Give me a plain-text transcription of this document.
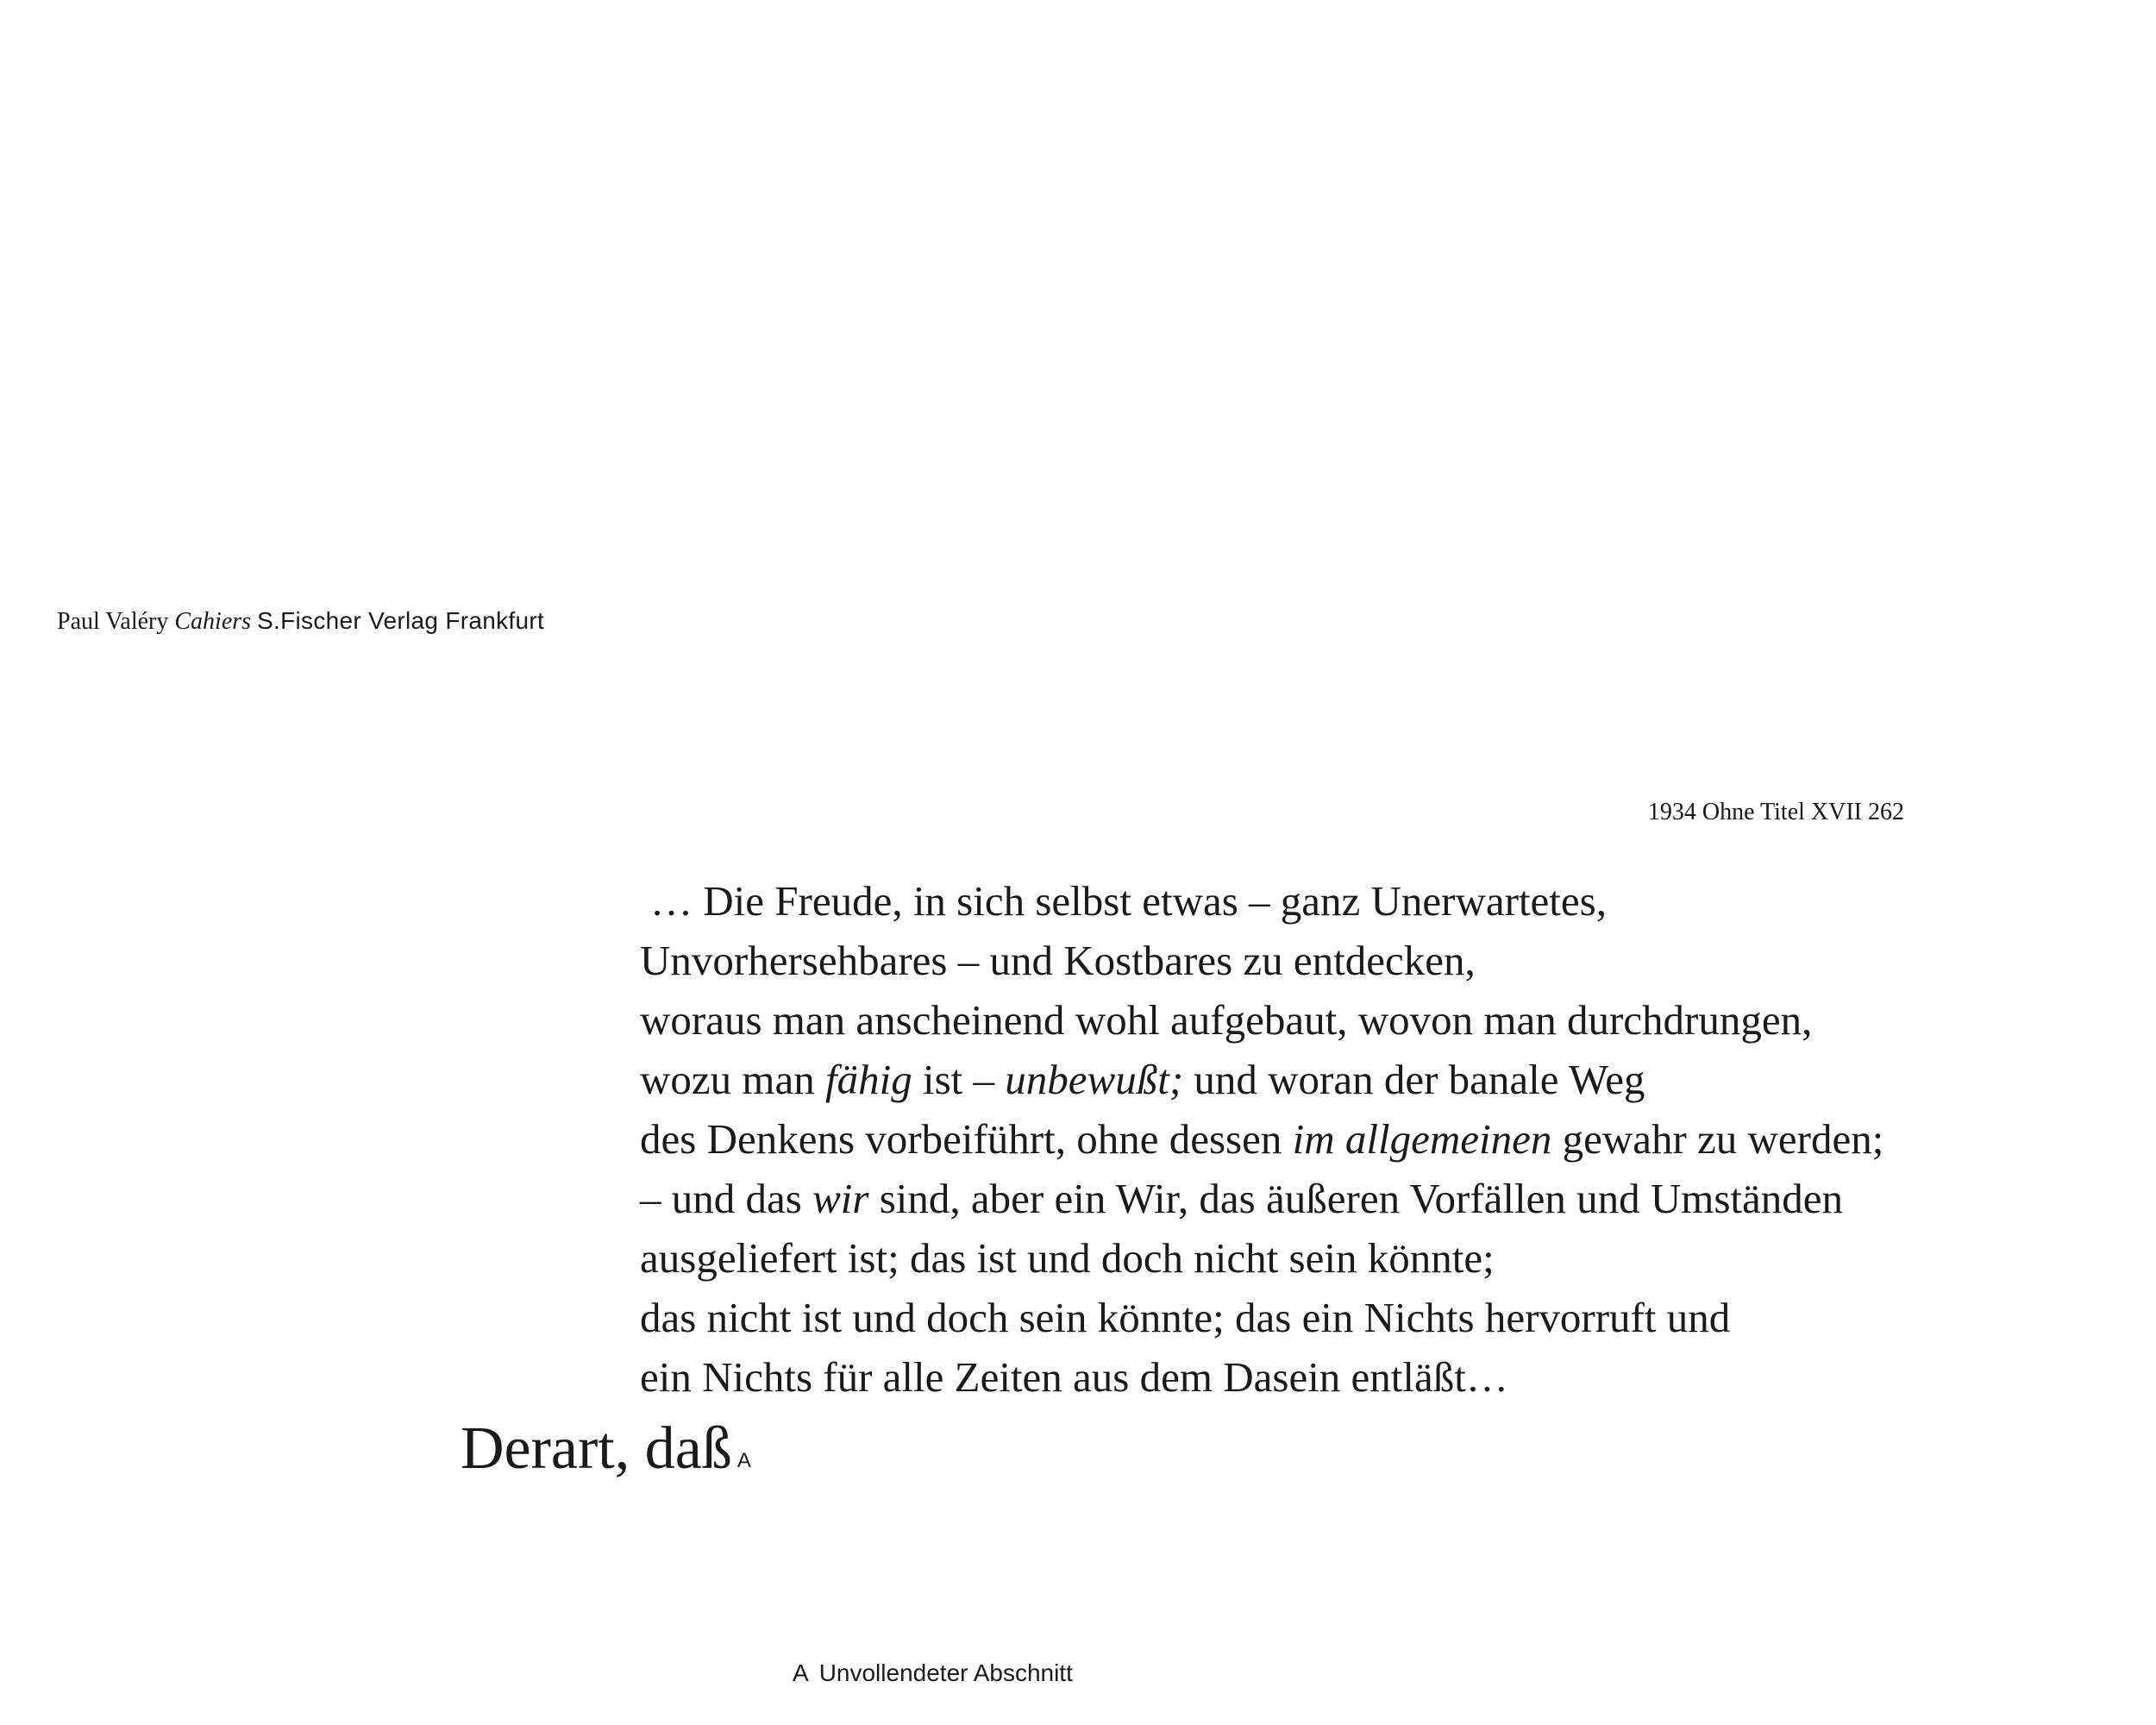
Paul Valéry Cahiers S.Fischer Verlag Frankfurt
1934 Ohne Titel XVII 262
… Die Freude, in sich selbst etwas – ganz Unerwartetes,
Unvorhersehbares – und Kostbares zu entdecken,
woraus man anscheinend wohl aufgebaut, wovon man durchdrungen,
wozu man fähig ist – unbewußt; und woran der banale Weg
des Denkens vorbeiführt, ohne dessen im allgemeinen gewahr zu werden;
– und das wir sind, aber ein Wir, das äußeren Vorfällen und Umständen
ausgeliefert ist; das ist und doch nicht sein könnte;
das nicht ist und doch sein könnte; das ein Nichts hervorruft und
ein Nichts für alle Zeiten aus dem Dasein entläßt…
Derart, daß $^A$
A Unvollendeter Abschnitt
